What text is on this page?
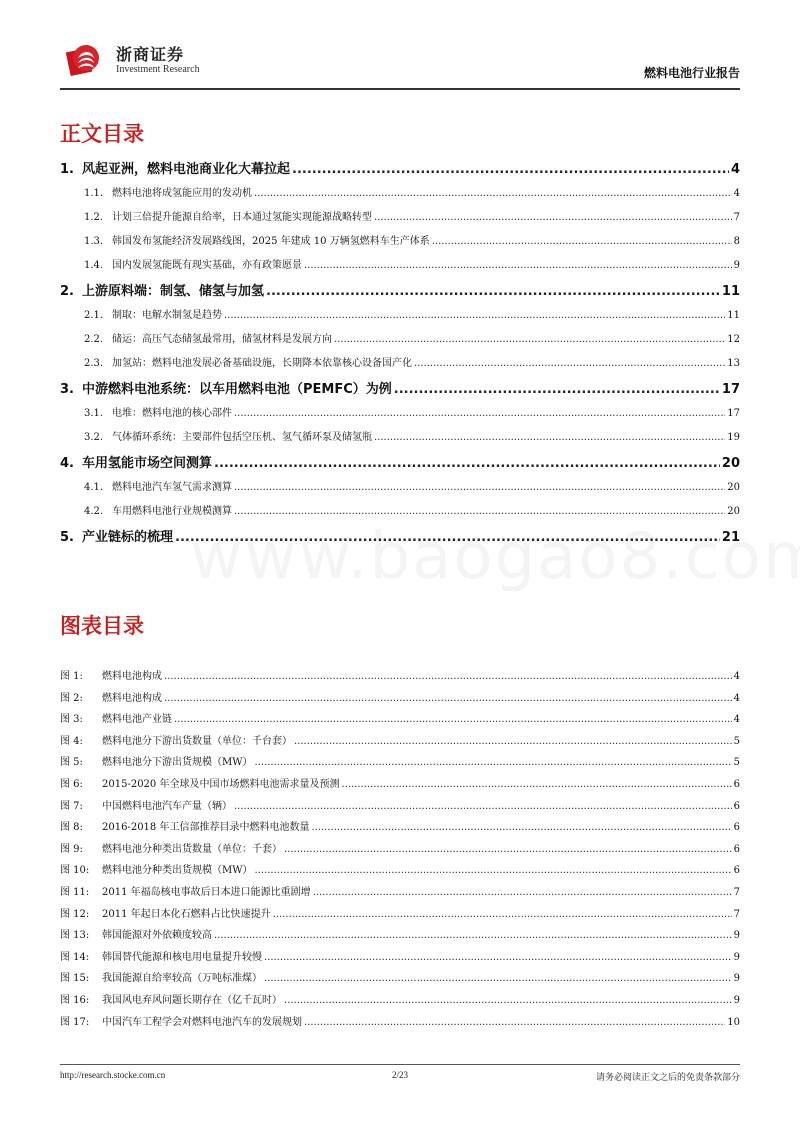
浙商证券
Investment Research	燃料电池行业报告
正文目录
1. 风起亚洲，燃料电池商业化大幕拉起 .....	4
1.1. 燃料电池将成氢能应用的发动机 .....	4
1.2. 计划三倍提升能源自给率，日本通过氢能实现能源战略转型 .....	7
1.3. 韩国发布氢能经济发展路线图，2025 年建成 10 万辆氢燃料车生产体系 .....	8
1.4. 国内发展氢能既有现实基础，亦有政策愿景 .....	9
2. 上游原料端：制氢、储氢与加氢 .....	11
2.1. 制取：电解水制氢是趋势 .....	11
2.2. 储运：高压气态储氢最常用，储氢材料是发展方向 .....	12
2.3. 加氢站：燃料电池发展必备基础设施，长期降本依靠核心设备国产化 .....	13
3. 中游燃料电池系统：以车用燃料电池（PEMFC）为例 .....	17
3.1. 电堆：燃料电池的核心部件 .....	17
3.2. 气体循环系统：主要部件包括空压机、氢气循环泵及储氢瓶 .....	19
4. 车用氢能市场空间测算 .....	20
4.1. 燃料电池汽车氢气需求测算 .....	20
4.2. 车用燃料电池行业规模测算 .....	20
5. 产业链标的梳理 .....	21
图表目录
图 1: 燃料电池构成 .....	4
图 2: 燃料电池构成 .....	4
图 3: 燃料电池产业链 .....	4
图 4: 燃料电池分下游出货数量（单位：千台套） .....	5
图 5: 燃料电池分下游出货规模（MW） .....	5
图 6: 2015-2020 年全球及中国市场燃料电池需求量及预测 .....	6
图 7: 中国燃料电池汽车产量（辆） .....	6
图 8: 2016-2018 年工信部推荐目录中燃料电池数量 .....	6
图 9: 燃料电池分种类出货数量（单位：千套） .....	6
图 10: 燃料电池分种类出货规模（MW） .....	6
图 11: 2011 年福岛核电事故后日本进口能源比重剧增 .....	7
图 12: 2011 年起日本化石燃料占比快速提升 .....	7
图 13: 韩国能源对外依赖度较高 .....	9
图 14: 韩国替代能源和核电用电量提升较慢 .....	9
图 15: 我国能源自给率较高（万吨标准煤） .....	9
图 16: 我国风电弃风问题长期存在（亿千瓦时） .....	9
图 17: 中国汽车工程学会对燃料电池汽车的发展规划 .....	10
http://research.stocke.com.cn	2/23	请务必阅读正文之后的免责条款部分
